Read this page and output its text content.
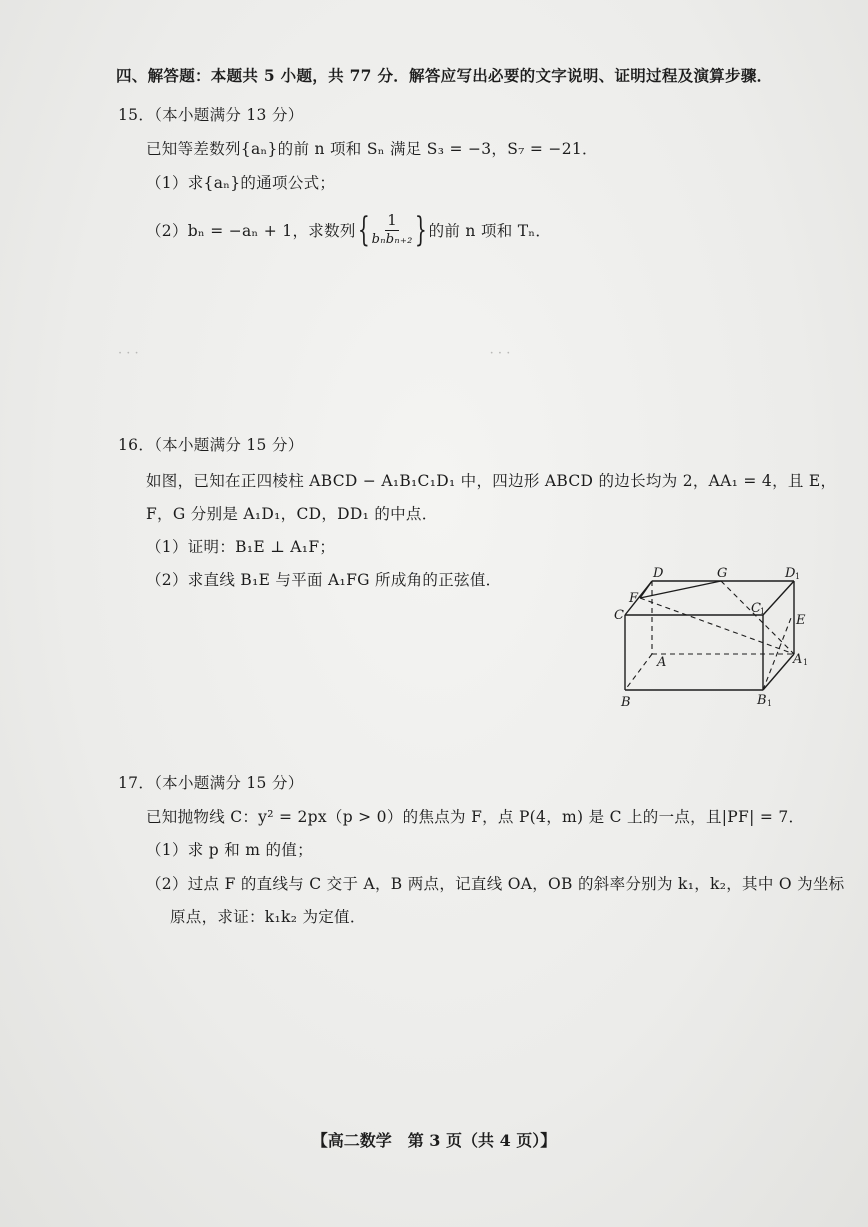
四、解答题：本题共 5 小题，共 77 分．解答应写出必要的文字说明、证明过程及演算步骤．
15．（本小题满分 13 分）
已知等差数列{aₙ}的前 n 项和 Sₙ 满足 S₃ = −3，S₇ = −21．
（1）求{aₙ}的通项公式；
（2）bₙ = −aₙ + 1，求数列 { $\frac{1}{\text{bₙbₙ₊₂}}$ } 的前 n 项和 Tₙ．
· · ·　　　　　　　　　　　　　　　　　　　　　　　　　　　· · ·
16．（本小题满分 15 分）
如图，已知在正四棱柱 ABCD − A₁B₁C₁D₁ 中，四边形 ABCD 的边长均为 2，AA₁ = 4，且 E，
F，G 分别是 A₁D₁，CD，DD₁ 的中点．
（1）证明：B₁E ⊥ A₁F；
（2）求直线 B₁E 与平面 A₁FG 所成角的正弦值．	D	G	D 1
F
C	C 1
E
A	A 1
B	B 1
17．（本小题满分 15 分）
已知抛物线 C：y² = 2px（p > 0）的焦点为 F，点 P(4，m) 是 C 上的一点，且|PF| = 7．
（1）求 p 和 m 的值；
（2）过点 F 的直线与 C 交于 A，B 两点，记直线 OA，OB 的斜率分别为 k₁，k₂，其中 O 为坐标
原点，求证：k₁k₂ 为定值．
【高二数学　第 3 页（共 4 页）】
